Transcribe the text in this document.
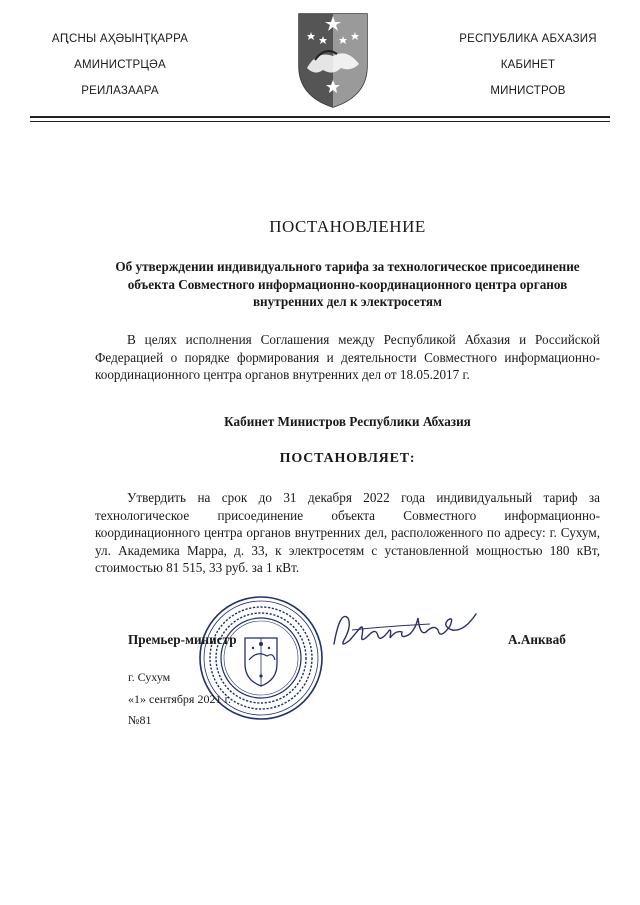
АԤСНЫ АҲӘЫНҬҚАРРА
АМИНИСТРЦӘА
РЕИЛАЗААРА
РЕСПУБЛИКА АБХАЗИЯ
КАБИНЕТ
МИНИСТРОВ
ПОСТАНОВЛЕНИЕ
Об утверждении индивидуального тарифа за технологическое присоединение объекта Совместного информационно-координационного центра органов внутренних дел к электросетям
В целях исполнения Соглашения между Республикой Абхазия и Российской Федерацией о порядке формирования и деятельности Совместного информационно-координационного центра органов внутренних дел от 18.05.2017 г.
Кабинет Министров Республики Абхазия
ПОСТАНОВЛЯЕТ:
Утвердить на срок до 31 декабря 2022 года индивидуальный тариф за технологическое присоединение объекта Совместного информационно-координационного центра органов внутренних дел, расположенного по адресу: г. Сухум, ул. Академика Марра, д. 33, к электросетям с установленной мощностью 180 кВт, стоимостью 81 515, 33 руб. за 1 кВт.
Премьер-министр	А.Анкваб
г. Сухум
«1» сентября 2021 г.
№81
